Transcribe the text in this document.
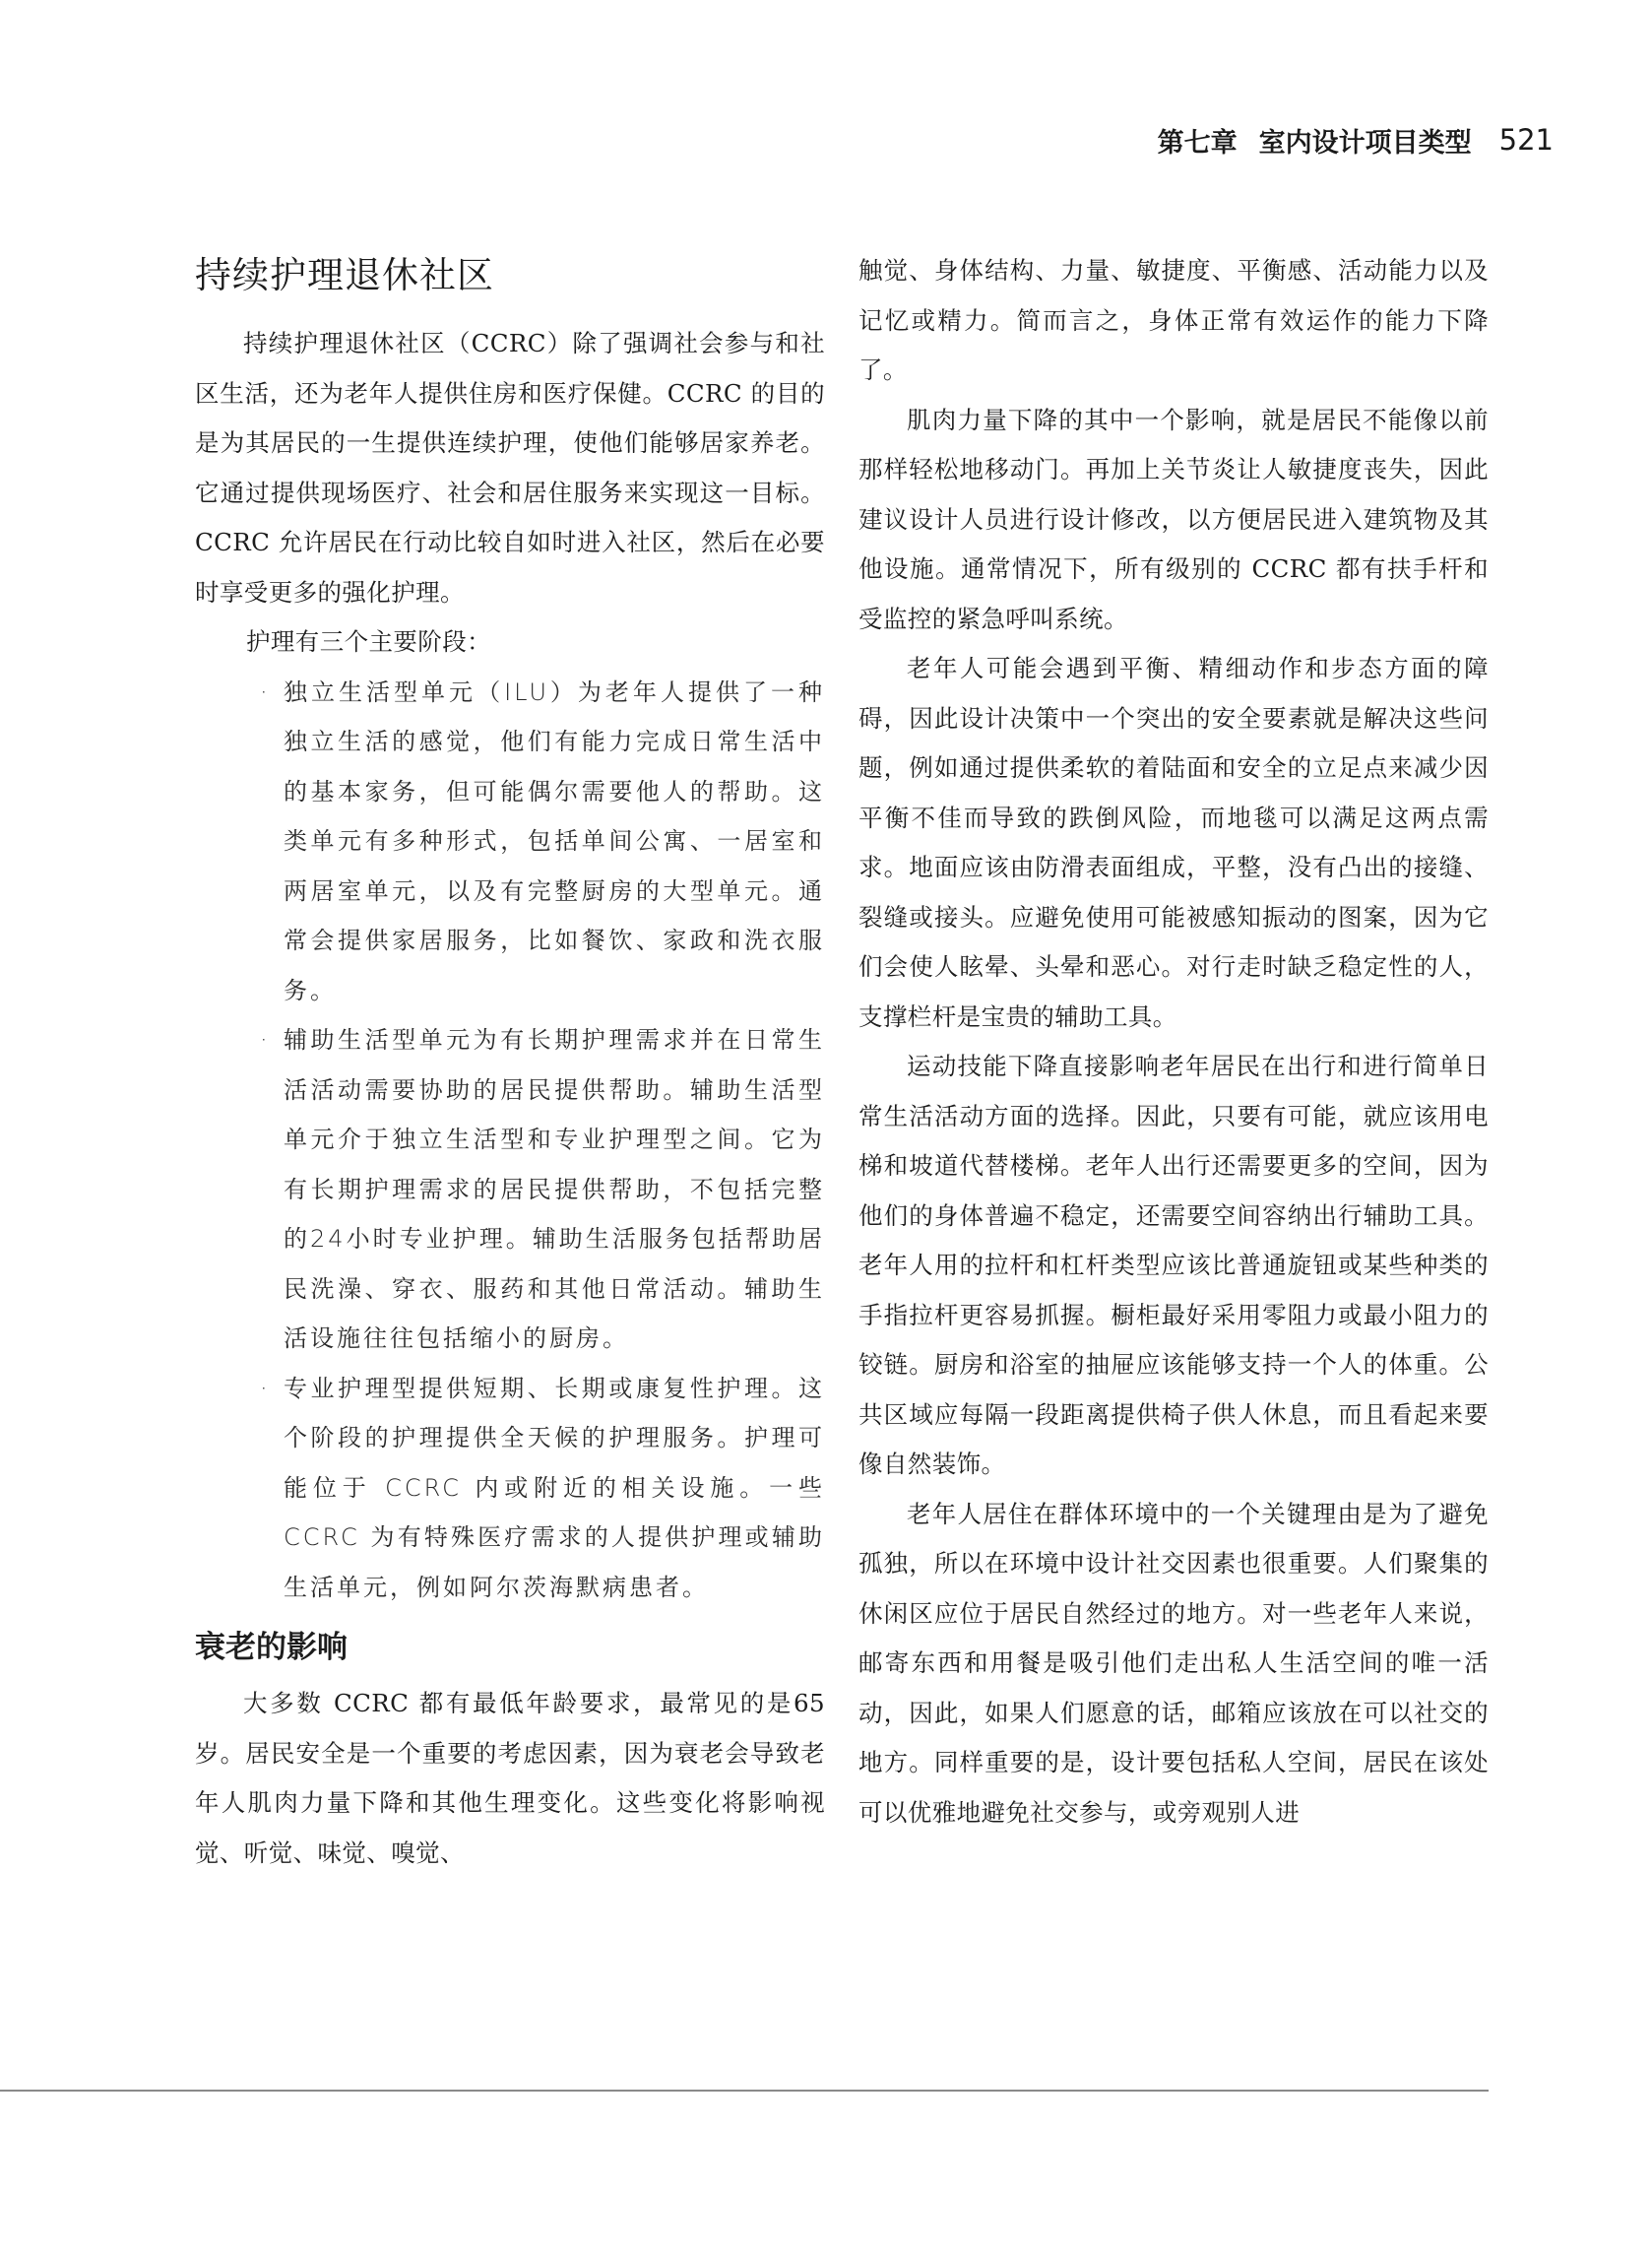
第七章 室内设计项目类型 521
持续护理退休社区

持续护理退休社区（CCRC）除了强调社会参与和社区生活，还为老年人提供住房和医疗保健。CCRC 的目的是为其居民的一生提供连续护理，使他们能够居家养老。它通过提供现场医疗、社会和居住服务来实现这一目标。CCRC 允许居民在行动比较自如时进入社区，然后在必要时享受更多的强化护理。

护理有三个主要阶段：

· 独立生活型单元（ILU）为老年人提供了一种独立生活的感觉，他们有能力完成日常生活中的基本家务，但可能偶尔需要他人的帮助。这类单元有多种形式，包括单间公寓、一居室和两居室单元，以及有完整厨房的大型单元。通常会提供家居服务，比如餐饮、家政和洗衣服务。
· 辅助生活型单元为有长期护理需求并在日常生活活动需要协助的居民提供帮助。辅助生活型单元介于独立生活型和专业护理型之间。它为有长期护理需求的居民提供帮助，不包括完整的24小时专业护理。辅助生活服务包括帮助居民洗澡、穿衣、服药和其他日常活动。辅助生活设施往往包括缩小的厨房。
· 专业护理型提供短期、长期或康复性护理。这个阶段的护理提供全天候的护理服务。护理可能位于 CCRC 内或附近的相关设施。一些 CCRC 为有特殊医疗需求的人提供护理或辅助生活单元，例如阿尔茨海默病患者。
衰老的影响

大多数 CCRC 都有最低年龄要求，最常见的是65岁。居民安全是一个重要的考虑因素，因为衰老会导致老年人肌肉力量下降和其他生理变化。这些变化将影响视觉、听觉、味觉、嗅觉、

触觉、身体结构、力量、敏捷度、平衡感、活动能力以及记忆或精力。简而言之，身体正常有效运作的能力下降了。

肌肉力量下降的其中一个影响，就是居民不能像以前那样轻松地移动门。再加上关节炎让人敏捷度丧失，因此建议设计人员进行设计修改，以方便居民进入建筑物及其他设施。通常情况下，所有级别的 CCRC 都有扶手杆和受监控的紧急呼叫系统。

老年人可能会遇到平衡、精细动作和步态方面的障碍，因此设计决策中一个突出的安全要素就是解决这些问题，例如通过提供柔软的着陆面和安全的立足点来减少因平衡不佳而导致的跌倒风险，而地毯可以满足这两点需求。地面应该由防滑表面组成，平整，没有凸出的接缝、裂缝或接头。应避免使用可能被感知振动的图案，因为它们会使人眩晕、头晕和恶心。对行走时缺乏稳定性的人，支撑栏杆是宝贵的辅助工具。

运动技能下降直接影响老年居民在出行和进行简单日常生活活动方面的选择。因此，只要有可能，就应该用电梯和坡道代替楼梯。老年人出行还需要更多的空间，因为他们的身体普遍不稳定，还需要空间容纳出行辅助工具。老年人用的拉杆和杠杆类型应该比普通旋钮或某些种类的手指拉杆更容易抓握。橱柜最好采用零阻力或最小阻力的铰链。厨房和浴室的抽屉应该能够支持一个人的体重。公共区域应每隔一段距离提供椅子供人休息，而且看起来要像自然装饰。

老年人居住在群体环境中的一个关键理由是为了避免孤独，所以在环境中设计社交因素也很重要。人们聚集的休闲区应位于居民自然经过的地方。对一些老年人来说，邮寄东西和用餐是吸引他们走出私人生活空间的唯一活动，因此，如果人们愿意的话，邮箱应该放在可以社交的地方。同样重要的是，设计要包括私人空间，居民在该处可以优雅地避免社交参与，或旁观别人进
